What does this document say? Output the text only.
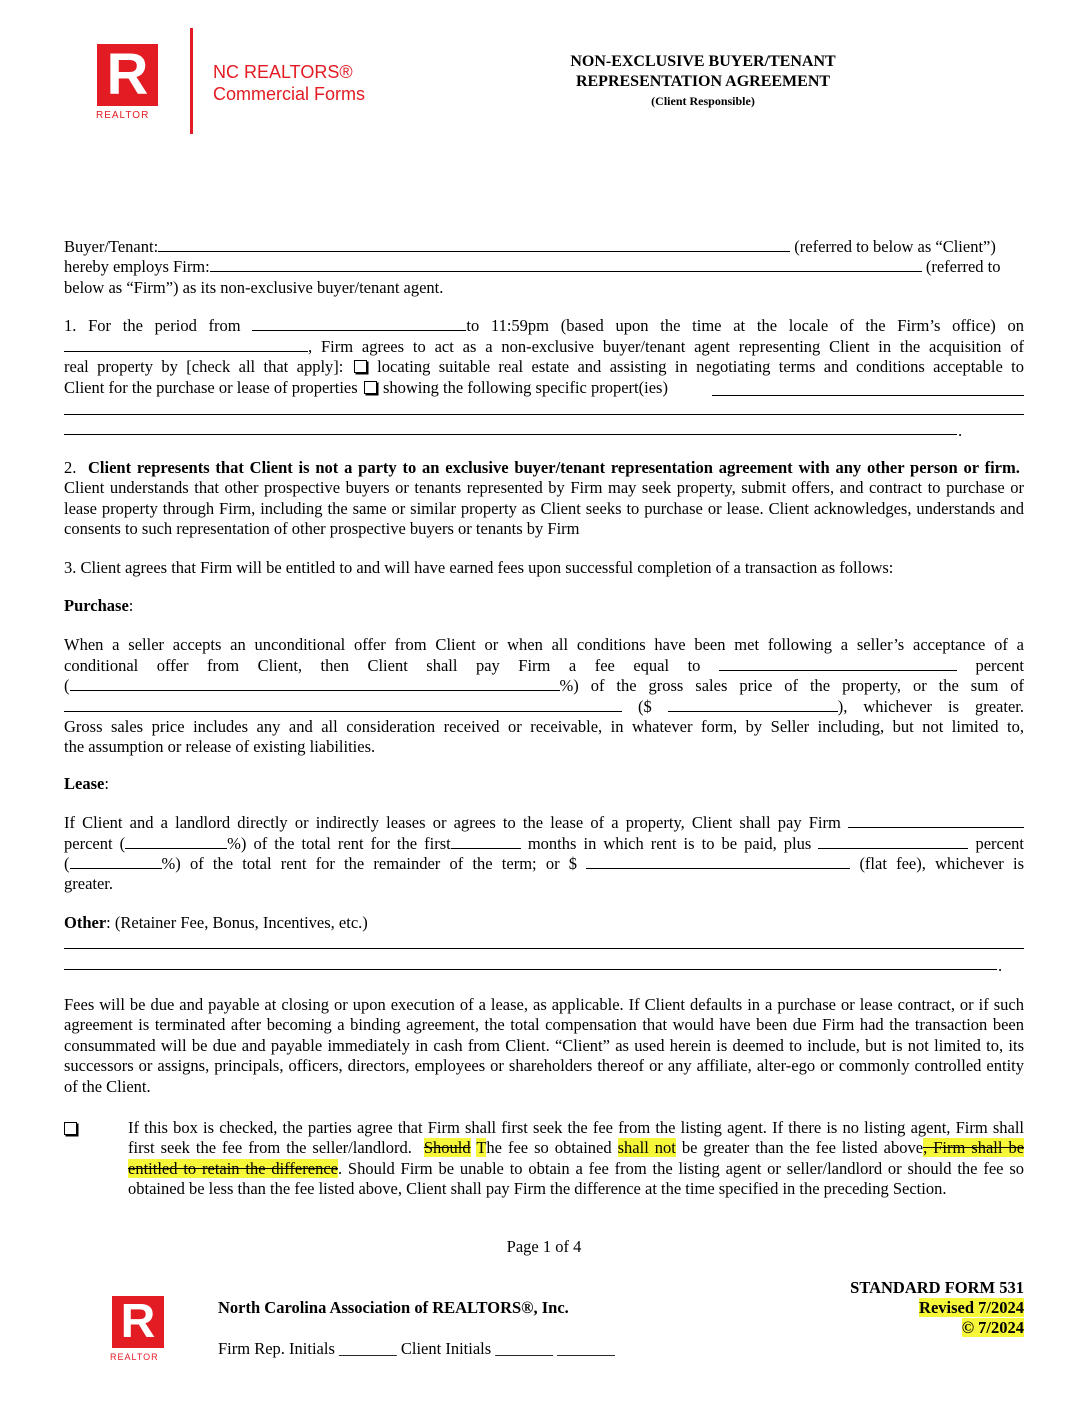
R
REALTOR
NC REALTORS®
Commercial Forms
NON-EXCLUSIVE BUYER/TENANT
REPRESENTATION AGREEMENT
(Client Responsible)
Buyer/Tenant:	(referred to below as “Client”)
hereby employs Firm:	(referred to
below as “Firm”) as its non-exclusive buyer/tenant agent.
1. For the period from	to 11:59pm (based upon the time at the locale of the Firm’s office) on
, Firm agrees to act as a non-exclusive buyer/tenant agent representing Client in the acquisition of
real property by [check all that apply]: locating suitable real estate and assisting in negotiating terms and conditions acceptable to
Client for the purchase or lease of properties showing the following specific propert(ies)
.
2. Client represents that Client is not a party to an exclusive buyer/tenant representation agreement with any other person or firm.  Client understands that other prospective buyers or tenants represented by Firm may seek property, submit offers, and contract to purchase or lease property through Firm, including the same or similar property as Client seeks to purchase or lease. Client acknowledges, understands and consents to such representation of other prospective buyers or tenants by Firm
3. Client agrees that Firm will be entitled to and will have earned fees upon successful completion of a transaction as follows:
Purchase:
When a seller accepts an unconditional offer from Client or when all conditions have been met following a seller’s acceptance of a
conditional offer from Client, then Client shall pay Firm a fee equal to	percent
(	%) of the gross sales price of the property, or the sum of
($	), whichever is greater.
Gross sales price includes any and all consideration received or receivable, in whatever form, by Seller including, but not limited to,
the assumption or release of existing liabilities.
Lease:
If Client and a landlord directly or indirectly leases or agrees to the lease of a property, Client shall pay Firm
percent (	%) of the total rent for the first	months in which rent is to be paid, plus	percent
(	%) of the total rent for the remainder of the term; or $	(flat fee), whichever is
greater.
Other: (Retainer Fee, Bonus, Incentives, etc.)
.
Fees will be due and payable at closing or upon execution of a lease, as applicable. If Client defaults in a purchase or lease contract, or if such agreement is terminated after becoming a binding agreement, the total compensation that would have been due Firm had the transaction been consummated will be due and payable immediately in cash from Client. “Client” as used herein is deemed to include, but is not limited to, its successors or assigns, principals, officers, directors, employees or shareholders thereof or any affiliate, alter-ego or commonly controlled entity of the Client.
If this box is checked, the parties agree that Firm shall first seek the fee from the listing agent. If there is no listing agent, Firm shall first seek the fee from the seller/landlord. Should The fee so obtained shall not be greater than the fee listed above, Firm shall be entitled to retain the difference. Should Firm be unable to obtain a fee from the listing agent or seller/landlord or should the fee so obtained be less than the fee listed above, Client shall pay Firm the difference at the time specified in the preceding Section.
Page 1 of 4
R
REALTOR
North Carolina Association of REALTORS®, Inc.
Firm Rep. Initials _______ Client Initials _______ _______
STANDARD FORM 531
Revised 7/2024
© 7/2024
